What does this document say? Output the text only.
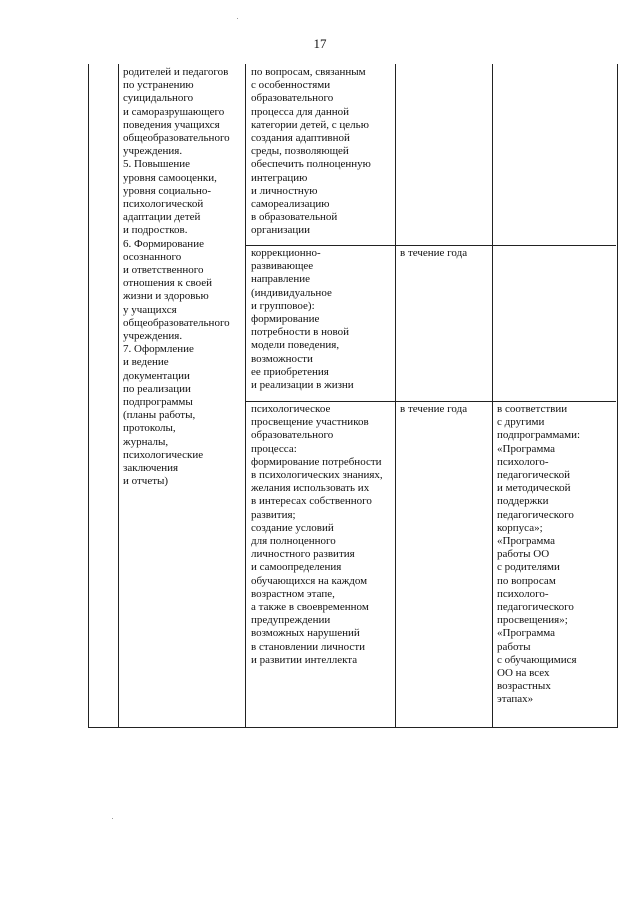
17
родителей и педагогов
по устранению
суицидального
и саморазрушающего
поведения учащихся
общеобразовательного
учреждения.
5. Повышение
уровня самооценки,
уровня социально-
психологической
адаптации детей
и подростков.
6. Формирование
осознанного
и ответственного
отношения к своей
жизни и здоровью
у учащихся
общеобразовательного
учреждения.
7. Оформление
и ведение
документации
по реализации
подпрограммы
(планы работы,
протоколы,
журналы,
психологические
заключения
и отчеты)
по вопросам, связанным
с особенностями
образовательного
процесса для данной
категории детей, с целью
создания адаптивной
среды, позволяющей
обеспечить полноценную
интеграцию
и личностную
самореализацию
в образовательной
организации
коррекционно-
развивающее
направление
(индивидуальное
и групповое):
формирование
потребности в новой
модели поведения,
возможности
ее приобретения
и реализации в жизни
в течение года
психологическое
просвещение участников
образовательного
процесса:
формирование потребности
в психологических знаниях,
желания использовать их
в интересах собственного
развития;
создание условий
для полноценного
личностного развития
и самоопределения
обучающихся на каждом
возрастном этапе,
а также в своевременном
предупреждении
возможных нарушений
в становлении личности
и развитии интеллекта
в течение года	в соответствии
с другими
подпрограммами:
«Программа
психолого-
педагогической
и методической
поддержки
педагогического
корпуса»;
«Программа
работы ОО
с родителями
по вопросам
психолого-
педагогического
просвещения»;
«Программа
работы
с обучающимися
ОО на всех
возрастных
этапах»
